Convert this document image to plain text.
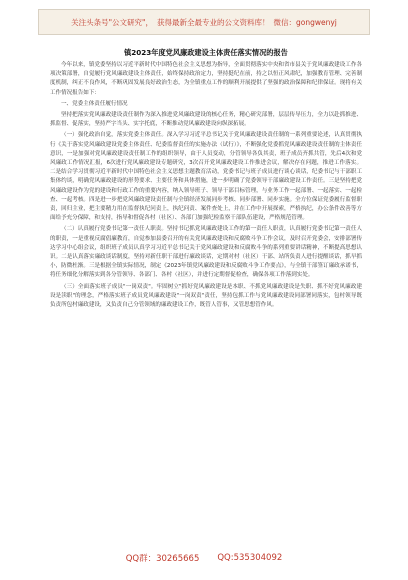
关注头条号"公文研究"， 获得最新全最专业的公文资料库！ 微信：gongwenyj
镇2023年度党风廉政建设主体责任落实情况的报告

今年以来，镇党委坚持以习近平新时代中国特色社会主义思想为指导，全面贯彻落实中央和省市县关于党风廉政建设工作各项决策部署，自觉履行党风廉政建设主体责任，始终保持政治定力，坚持挺纪在前，持之以恒正风肃纪，加强教育管理、完善制度机制，纠正不良作风，不断巩固发展良好政治生态，为全镇重点工作的顺利开展提供了坚强的政治保障和纪律保证。现将有关工作情况报告如下：

一、党委主体责任履行情况

坚持把落实党风廉政建设责任制作为深入推进党风廉政建设的核心任务，精心研究部署，层层传导压力，全力以赴抓推进、抓监督、促落实，坚持严字当头、实字托底，不断推动党风廉政建设向纵深拓展。

（一）强化政治自觉，落实党委主体责任。深入学习习近平总书记关于党风廉政建设责任制的一系列重要论述，认真贯彻执行《关于落实党风廉政建设党委主体责任、纪委监督责任的实施办法（试行）》，不断强化党委抓党风廉政建设责任制的主体责任意识，一是加强对党风廉政建设责任制工作的组织领导，由于人员变动，分管领导各负其责，班子成员齐抓共管，先后4次和党风廉政工作情况汇报，6次进行党风廉政建设专题研究，3次召开党风廉政建设工作推进会议，解决存在问题，推进工作落实。二是结合学习贯彻习近平新时代中国特色社会主义思想主题教育活动，党委书记与班子成员进行谈心谈话，纪委书记与干部职工集体约谈，明确党风廉政建设的形势要求、主要任务和具体措施，进一步明确了党委领导干部廉政建设工作责任。三是坚持把党风廉政建设作为党的建设和行政工作的重要内容，纳入领导班子、领导干部目标管理，与业务工作一起部署、一起落实、一起检查、一起考核。四是进一步把党风廉政建设责任制与全镇经济发展同步考核、同步部署、同步实施。全方位保证党委履行监督职责，回归主业，把主要精力用在监督执纪问责上，执纪问责、案件查处上，并在工作中开展探索，严格执纪，办公条件改善等方面给予充分保障，和支持，指导和督促各村（社区）、各部门加强纪检监察干部队伍建设，严格规范管理。

（二）认真履行党委书记第一责任人职责。坚持书记抓党风廉政建设工作的第一责任人职责，认真履行党委书记第一责任人的职责，一是重视反腐倡廉教育，自觉参加县委召开的有关党风廉政建设和反腐败斗争工作会议，及时召开党委会，安排部署传达学习中心组会议，组织班子成员认真学习习近平总书记关于党风廉政建设和反腐败斗争的系列重要讲话精神，不断提高思想认识。二是认真落实廉政谈话制度，坚持对新任职干部进行廉政谈话，定期对村（社区）干部、站所负责人进行提醒谈话，抓早抓小，防微杜渐。三是根据全镇实际情况，制定《2023年镇党风廉政建设和反腐败斗争工作要点》，与全镇干部签订廉政承诺书，将任务细化分解落实到各分管领导、各部门、各村（社区），并进行定期督促检查，确保各项工作落到实处。

（三）全面落实班子成员"一岗双责"。牢固树立"抓好党风廉政建设是本职、不抓党风廉政建设是失职、抓不好党风廉政建设是渎职"的理念，严格落实班子成员党风廉政建设"一岗双责"责任，坚持包抓工作与党风廉政建设同部署同落实，包村领导既负责所包村廉政建设，又负责自己分管领域的廉政建设工作，既管人管事，又管思想管作风。

QQ群：30265665 QQ:535304092
